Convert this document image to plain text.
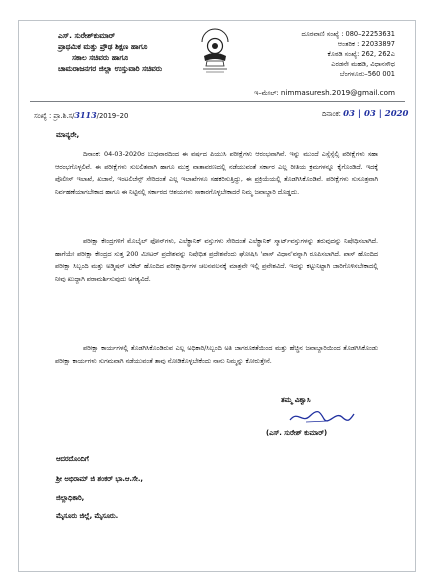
ಎಸ್. ಸುರೇಶ್‌ಕುಮಾರ್
ಪ್ರಾಥಮಿಕ ಮತ್ತು ಪ್ರೌಢ ಶಿಕ್ಷಣ ಹಾಗೂ
ಸಕಾಲ ಸಚಿವರು ಹಾಗೂ
ಚಾಮರಾಜನಗರ ಜಿಲ್ಲಾ ಉಸ್ತುವಾರಿ ಸಚಿವರು
ದೂರವಾಣಿ ಸಂಖ್ಯೆ : 080–22253631
ಆಂತರಿಕ : 22033897
ಕೊಠಡಿ ಸಂಖ್ಯೆ: 262, 262ಎ
ಎರಡನೇ ಮಹಡಿ, ವಿಧಾನಸೌಧ
ಬೆಂಗಳೂರು–560 001
ಇ–ಮೇಲ್: nimmasuresh.2019@gmail.com
ಸಂಖ್ಯೆ : ಪ್ರಾ.ಶಿ.ಸ/3113/2019–20	ದಿನಾಂಕ: 03 | 03 | 2020
ಮಾನ್ಯರೇ,
ದಿನಾಂಕ: 04-03-2020ರ ಬುಧವಾರದಿಂದ ಈ ವರ್ಷದ ಪಿಯುಸಿ ಪರೀಕ್ಷೆಗಳು ಆರಂಭವಾಗಿವೆ. ಇನ್ನು ಮುಂದೆ ಎಸ್ಸೆಸ್ಸೆಲ್ಸಿ ಪರೀಕ್ಷೆಗಳು ಸಹಾ ಆರಂಭಗೊಳ್ಳಲಿವೆ. ಈ ಪರೀಕ್ಷೆಗಳು ಸುಲಲಿತವಾಗಿ ಹಾಗೂ ಮುಕ್ತ ವಾತಾವರಣದಲ್ಲಿ ನಡೆಯುವಂತೆ ಸರ್ಕಾರ ಎಲ್ಲ ರೀತಿಯ ಕ್ರಮಗಳನ್ನೂ ಕೈಗೊಂಡಿದೆ. ಇದಕ್ಕೆ ಪೊಲೀಸ್ ಇಲಾಖೆ, ಖಜಾನೆ, ಇಂಟಲಿಜೆನ್ಸ್ ಸೇರಿದಂತೆ ಎಲ್ಲ ಇಲಾಖೆಗಳೂ ಸಹಕರಿಸುತ್ತಿದ್ದು, ಈ ಪ್ರಕ್ರಿಯೆಯಲ್ಲಿ ತೊಡಗಿಸಿಕೊಂಡಿವೆ. ಪರೀಕ್ಷೆಗಳು ಸುಸೂತ್ರವಾಗಿ ನಿರ್ವಹಣೆಯಾಗಬೇಕಾದ ಹಾಗೂ ಈ ನಿಟ್ಟಿನಲ್ಲಿ ಸರ್ಕಾರದ ಆಶಯಗಳು ಸಾಕಾರಗೊಳ್ಳಬೇಕಾದರೆ ನಿಮ್ಮ ಜವಾಬ್ದಾರಿ ದೊಡ್ಡದು.
ಪರೀಕ್ಷಾ ಕೇಂದ್ರಗಳಿಗೆ ಮೊಬೈಲ್ ಫೋನ್‌ಗಳು, ಎಲೆಕ್ಟ್ರಾನಿಕ್ ವಸ್ತುಗಳು ಸೇರಿದಂತೆ ಎಲೆಕ್ಟ್ರಾನಿಕ್ ಸ್ಮಾರ್ಟ್‌ವಸ್ತುಗಳನ್ನು ತರುವುದನ್ನು ನಿಷೇಧಿಸಲಾಗಿದೆ. ಹಾಗೆಯೇ ಪರೀಕ್ಷಾ ಕೇಂದ್ರದ ಸುತ್ತ 200 ಮೀಟರ್ ಪ್ರದೇಶವನ್ನು ನಿಷೇಧಿತ ಪ್ರದೇಶವೆಂದು ಘೋಷಿಸಿ 'ಪಾಸ್ ವಿಧಾನ'ವನ್ನಾಗಿ ರೂಪಿಸಲಾಗಿದೆ. ಪಾಸ್ ಹೊಂದಿದ ಪರೀಕ್ಷಾ ಸಿಬ್ಬಂದಿ ಮತ್ತು ಅಡ್ಮಿಷನ್ ಟಿಕೆಟ್ ಹೊಂದಿದ ಪರೀಕ್ಷಾರ್ಥಿಗಳ ಚಲನವಲನಕ್ಕೆ ಮಾತ್ರವೇ ಇಲ್ಲಿ ಪ್ರವೇಶವಿದೆ. ಇದನ್ನು ಕಟ್ಟುನಿಟ್ಟಾಗಿ ಜಾರಿಗೊಳಿಸಬೇಕಾದಲ್ಲಿ ನೀವು ಖುದ್ದಾಗಿ ಪರಾಮರ್ಶಿಸುವುದು ಅಗತ್ಯವಿದೆ.
ಪರೀಕ್ಷಾ ಕಾರ್ಯಗಳಲ್ಲಿ ತೊಡಗಿಸಿಕೊಂಡಿರುವ ಎಲ್ಲ ಅಧಿಕಾರಿ/ಸಿಬ್ಬಂದಿ ಅತಿ ಜಾಗರೂಕತೆಯಿಂದ ಮತ್ತು ಹೆಚ್ಚಿನ ಜವಾಬ್ದಾರಿಯಿಂದ ತೊಡಗಿಸಿಕೊಂಡು ಪರೀಕ್ಷಾ ಕಾರ್ಯಗಳು ಸುಗಮವಾಗಿ ನಡೆಯುವಂತೆ ತಾವು ನೋಡಿಕೊಳ್ಳಬೇಕೆಂದು ನಾನು ನಿಮ್ಮನ್ನು ಕೋರುತ್ತೇನೆ.
ತಮ್ಮ ವಿಶ್ವಾಸಿ
(ಎಸ್. ಸುರೇಶ್ ಕುಮಾರ್)
ಆದರದೊಂದಿಗೆ
ಶ್ರೀ ಅಭಿರಾಮ್ ಜಿ ಶಂಕರ್ ಭಾ.ಆ.ಸೇ.,
ಜಿಲ್ಲಾಧಿಕಾರಿ,
ಮೈಸೂರು ಜಿಲ್ಲೆ, ಮೈಸೂರು.
